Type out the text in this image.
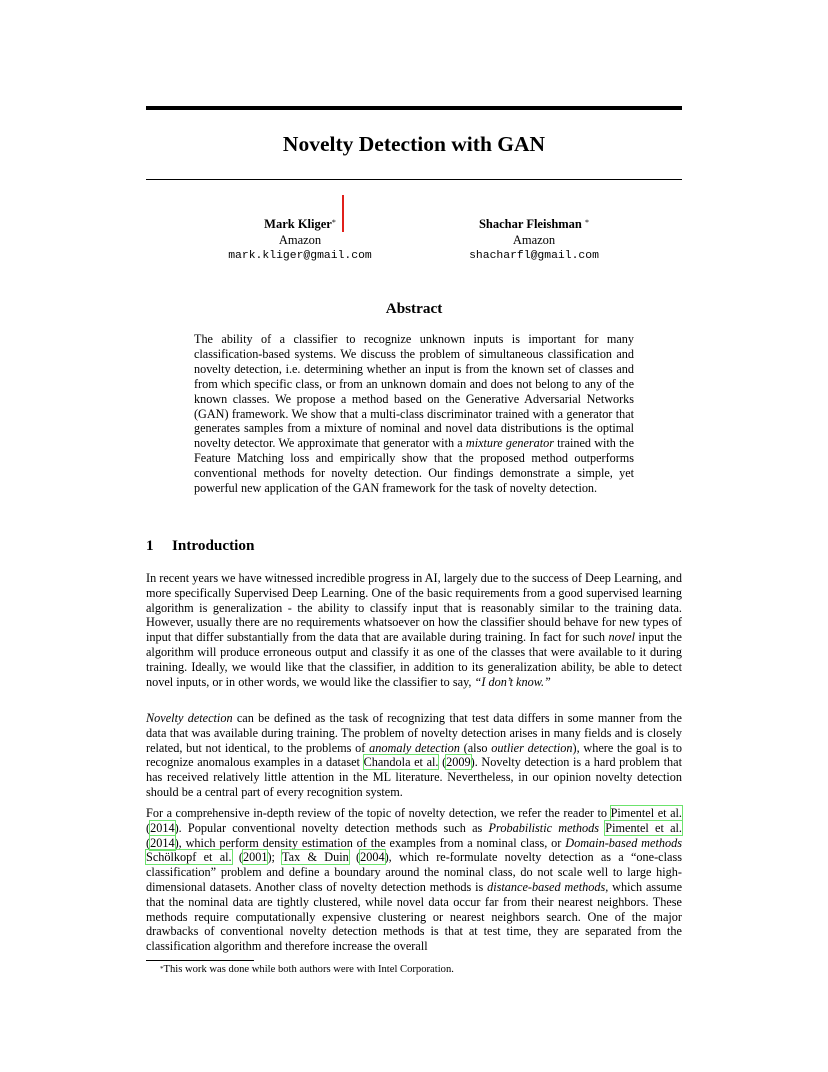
Novelty Detection with GAN
Mark Kliger*
Amazon
mark.kliger@gmail.com
Shachar Fleishman *
Amazon
shacharfl@gmail.com
Abstract
The ability of a classifier to recognize unknown inputs is important for many classification-based systems. We discuss the problem of simultaneous classification and novelty detection, i.e. determining whether an input is from the known set of classes and from which specific class, or from an unknown domain and does not belong to any of the known classes. We propose a method based on the Generative Adversarial Networks (GAN) framework. We show that a multi-class discriminator trained with a generator that generates samples from a mixture of nominal and novel data distributions is the optimal novelty detector. We approximate that generator with a mixture generator trained with the Feature Matching loss and empirically show that the proposed method outperforms conventional methods for novelty detection. Our findings demonstrate a simple, yet powerful new application of the GAN framework for the task of novelty detection.
1 Introduction
In recent years we have witnessed incredible progress in AI, largely due to the success of Deep Learning, and more specifically Supervised Deep Learning. One of the basic requirements from a good supervised learning algorithm is generalization - the ability to classify input that is reasonably similar to the training data. However, usually there are no requirements whatsoever on how the classifier should behave for new types of input that differ substantially from the data that are available during training. In fact for such novel input the algorithm will produce erroneous output and classify it as one of the classes that were available to it during training. Ideally, we would like that the classifier, in addition to its generalization ability, be able to detect novel inputs, or in other words, we would like the classifier to say, “I don’t know.”
Novelty detection can be defined as the task of recognizing that test data differs in some manner from the data that was available during training. The problem of novelty detection arises in many fields and is closely related, but not identical, to the problems of anomaly detection (also outlier detection), where the goal is to recognize anomalous examples in a dataset Chandola et al. (2009). Novelty detection is a hard problem that has received relatively little attention in the ML literature. Nevertheless, in our opinion novelty detection should be a central part of every recognition system.
For a comprehensive in-depth review of the topic of novelty detection, we refer the reader to Pimentel et al. (2014). Popular conventional novelty detection methods such as Probabilistic methods Pimentel et al. (2014), which perform density estimation of the examples from a nominal class, or Domain-based methods Schölkopf et al. (2001); Tax & Duin (2004), which re-formulate novelty detection as a “one-class classification” problem and define a boundary around the nominal class, do not scale well to large high-dimensional datasets. Another class of novelty detection methods is distance-based methods, which assume that the nominal data are tightly clustered, while novel data occur far from their nearest neighbors. These methods require computationally expensive clustering or nearest neighbors search. One of the major drawbacks of conventional novelty detection methods is that at test time, they are separated from the classification algorithm and therefore increase the overall
*This work was done while both authors were with Intel Corporation.
